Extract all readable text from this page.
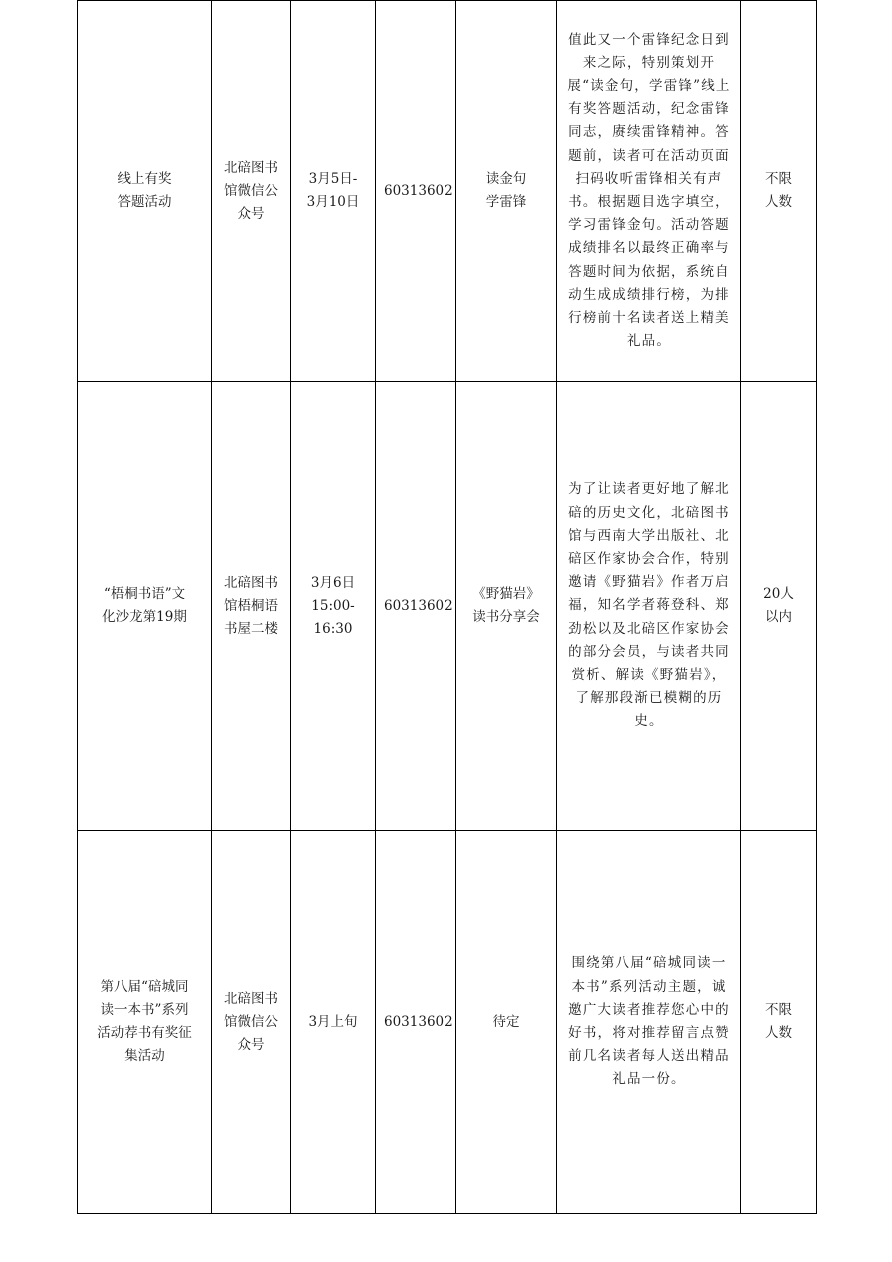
线上有奖
答题活动	北碚图书
馆微信公
众号	3月5日-
3月10日	60313602	读金句
学雷锋	值此又一个雷锋纪念日到来之际，特别策划开展“读金句，学雷锋”线上有奖答题活动，纪念雷锋同志，赓续雷锋精神。答题前，读者可在活动页面扫码收听雷锋相关有声书。根据题目选字填空，学习雷锋金句。活动答题成绩排名以最终正确率与答题时间为依据，系统自动生成成绩排行榜，为排行榜前十名读者送上精美礼品。	不限
人数

“梧桐书语”文
化沙龙第19期	北碚图书
馆梧桐语
书屋二楼	3月6日
15:00-
16:30	60313602	《野猫岩》
读书分享会	为了让读者更好地了解北碚的历史文化，北碚图书馆与西南大学出版社、北碚区作家协会合作，特别邀请《野猫岩》作者万启福，知名学者蒋登科、郑劲松以及北碚区作家协会的部分会员，与读者共同赏析、解读《野猫岩》，了解那段渐已模糊的历史。	20人
以内

第八届“碚城同
读一本书”系列
活动荐书有奖征
集活动	北碚图书
馆微信公
众号	3月上旬	60313602	待定	围绕第八届“碚城同读一本书”系列活动主题，诚邀广大读者推荐您心中的好书，将对推荐留言点赞前几名读者每人送出精品礼品一份。	不限
人数
